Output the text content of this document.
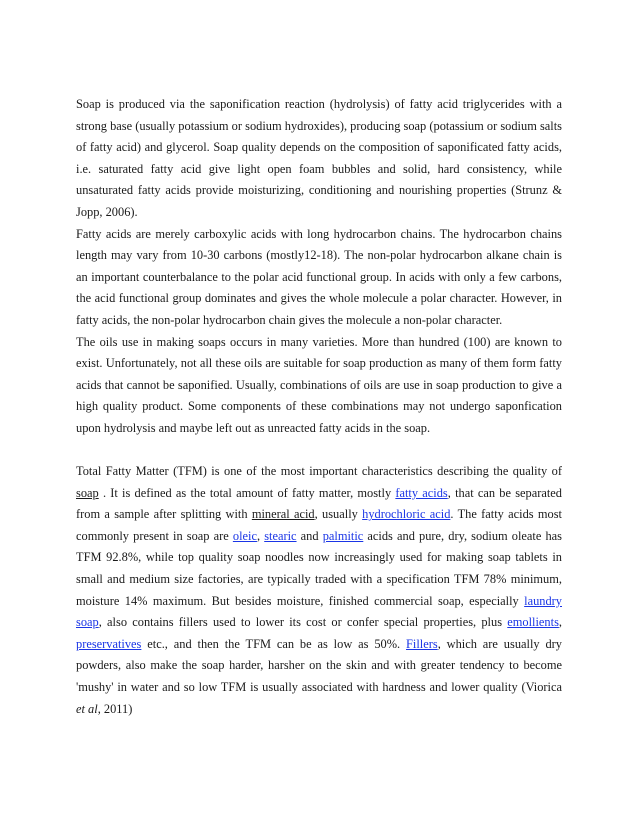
Soap is produced via the saponification reaction (hydrolysis) of fatty acid triglycerides with a strong base (usually potassium or sodium hydroxides), producing soap (potassium or sodium salts of fatty acid) and glycerol. Soap quality depends on the composition of saponificated fatty acids, i.e. saturated fatty acid give light open foam bubbles and solid, hard consistency, while unsaturated fatty acids provide moisturizing, conditioning and nourishing properties (Strunz & Jopp, 2006).

Fatty acids are merely carboxylic acids with long hydrocarbon chains. The hydrocarbon chains length may vary from 10-30 carbons (mostly12-18). The non-polar hydrocarbon alkane chain is an important counterbalance to the polar acid functional group. In acids with only a few carbons, the acid functional group dominates and gives the whole molecule a polar character. However, in fatty acids, the non-polar hydrocarbon chain gives the molecule a non-polar character.

The oils use in making soaps occurs in many varieties. More than hundred (100) are known to exist. Unfortunately, not all these oils are suitable for soap production as many of them form fatty acids that cannot be saponified. Usually, combinations of oils are use in soap production to give a high quality product. Some components of these combinations may not undergo saponfication upon hydrolysis and maybe left out as unreacted fatty acids in the soap.

Total Fatty Matter (TFM) is one of the most important characteristics describing the quality of soap . It is defined as the total amount of fatty matter, mostly fatty acids, that can be separated from a sample after splitting with mineral acid, usually hydrochloric acid. The fatty acids most commonly present in soap are oleic, stearic and palmitic acids and pure, dry, sodium oleate has TFM 92.8%, while top quality soap noodles now increasingly used for making soap tablets in small and medium size factories, are typically traded with a specification TFM 78% minimum, moisture 14% maximum. But besides moisture, finished commercial soap, especially laundry soap, also contains fillers used to lower its cost or confer special properties, plus emollients, preservatives etc., and then the TFM can be as low as 50%. Fillers, which are usually dry powders, also make the soap harder, harsher on the skin and with greater tendency to become 'mushy' in water and so low TFM is usually associated with hardness and lower quality (Viorica et al, 2011)
